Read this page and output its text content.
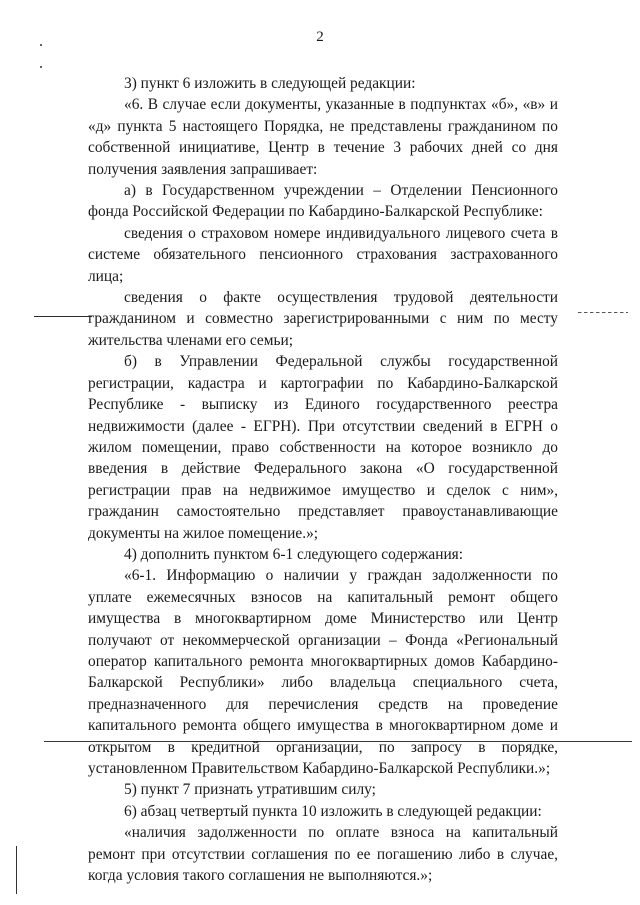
2

3) пункт 6 изложить в следующей редакции:

«6. В случае если документы, указанные в подпунктах «б», «в» и «д» пункта 5 настоящего Порядка, не представлены гражданином по собственной инициативе, Центр в течение 3 рабочих дней со дня получения заявления запрашивает:

а) в Государственном учреждении – Отделении Пенсионного фонда Российской Федерации по Кабардино-Балкарской Республике:

сведения о страховом номере индивидуального лицевого счета в системе обязательного пенсионного страхования застрахованного лица;

сведения о факте осуществления трудовой деятельности гражданином и совместно зарегистрированными с ним по месту жительства членами его семьи;

б) в Управлении Федеральной службы государственной регистрации, кадастра и картографии по Кабардино-Балкарской Республике - выписку из Единого государственного реестра недвижимости (далее - ЕГРН). При отсутствии сведений в ЕГРН о жилом помещении, право собственности на которое возникло до введения в действие Федерального закона «О государственной регистрации прав на недвижимое имущество и сделок с ним», гражданин самостоятельно представляет правоустанавливающие документы на жилое помещение.»;

4) дополнить пунктом 6-1 следующего содержания:

«6-1. Информацию о наличии у граждан задолженности по уплате ежемесячных взносов на капитальный ремонт общего имущества в многоквартирном доме Министерство или Центр получают от некоммерческой организации – Фонда «Региональный оператор капитального ремонта многоквартирных домов Кабардино-Балкарской Республики» либо владельца специального счета, предназначенного для перечисления средств на проведение капитального ремонта общего имущества в многоквартирном доме и открытом в кредитной организации, по запросу в порядке, установленном Правительством Кабардино-Балкарской Республики.»;

5) пункт 7 признать утратившим силу;

6) абзац четвертый пункта 10 изложить в следующей редакции:

«наличия задолженности по оплате взноса на капитальный ремонт при отсутствии соглашения по ее погашению либо в случае, когда условия такого соглашения не выполняются.»;
